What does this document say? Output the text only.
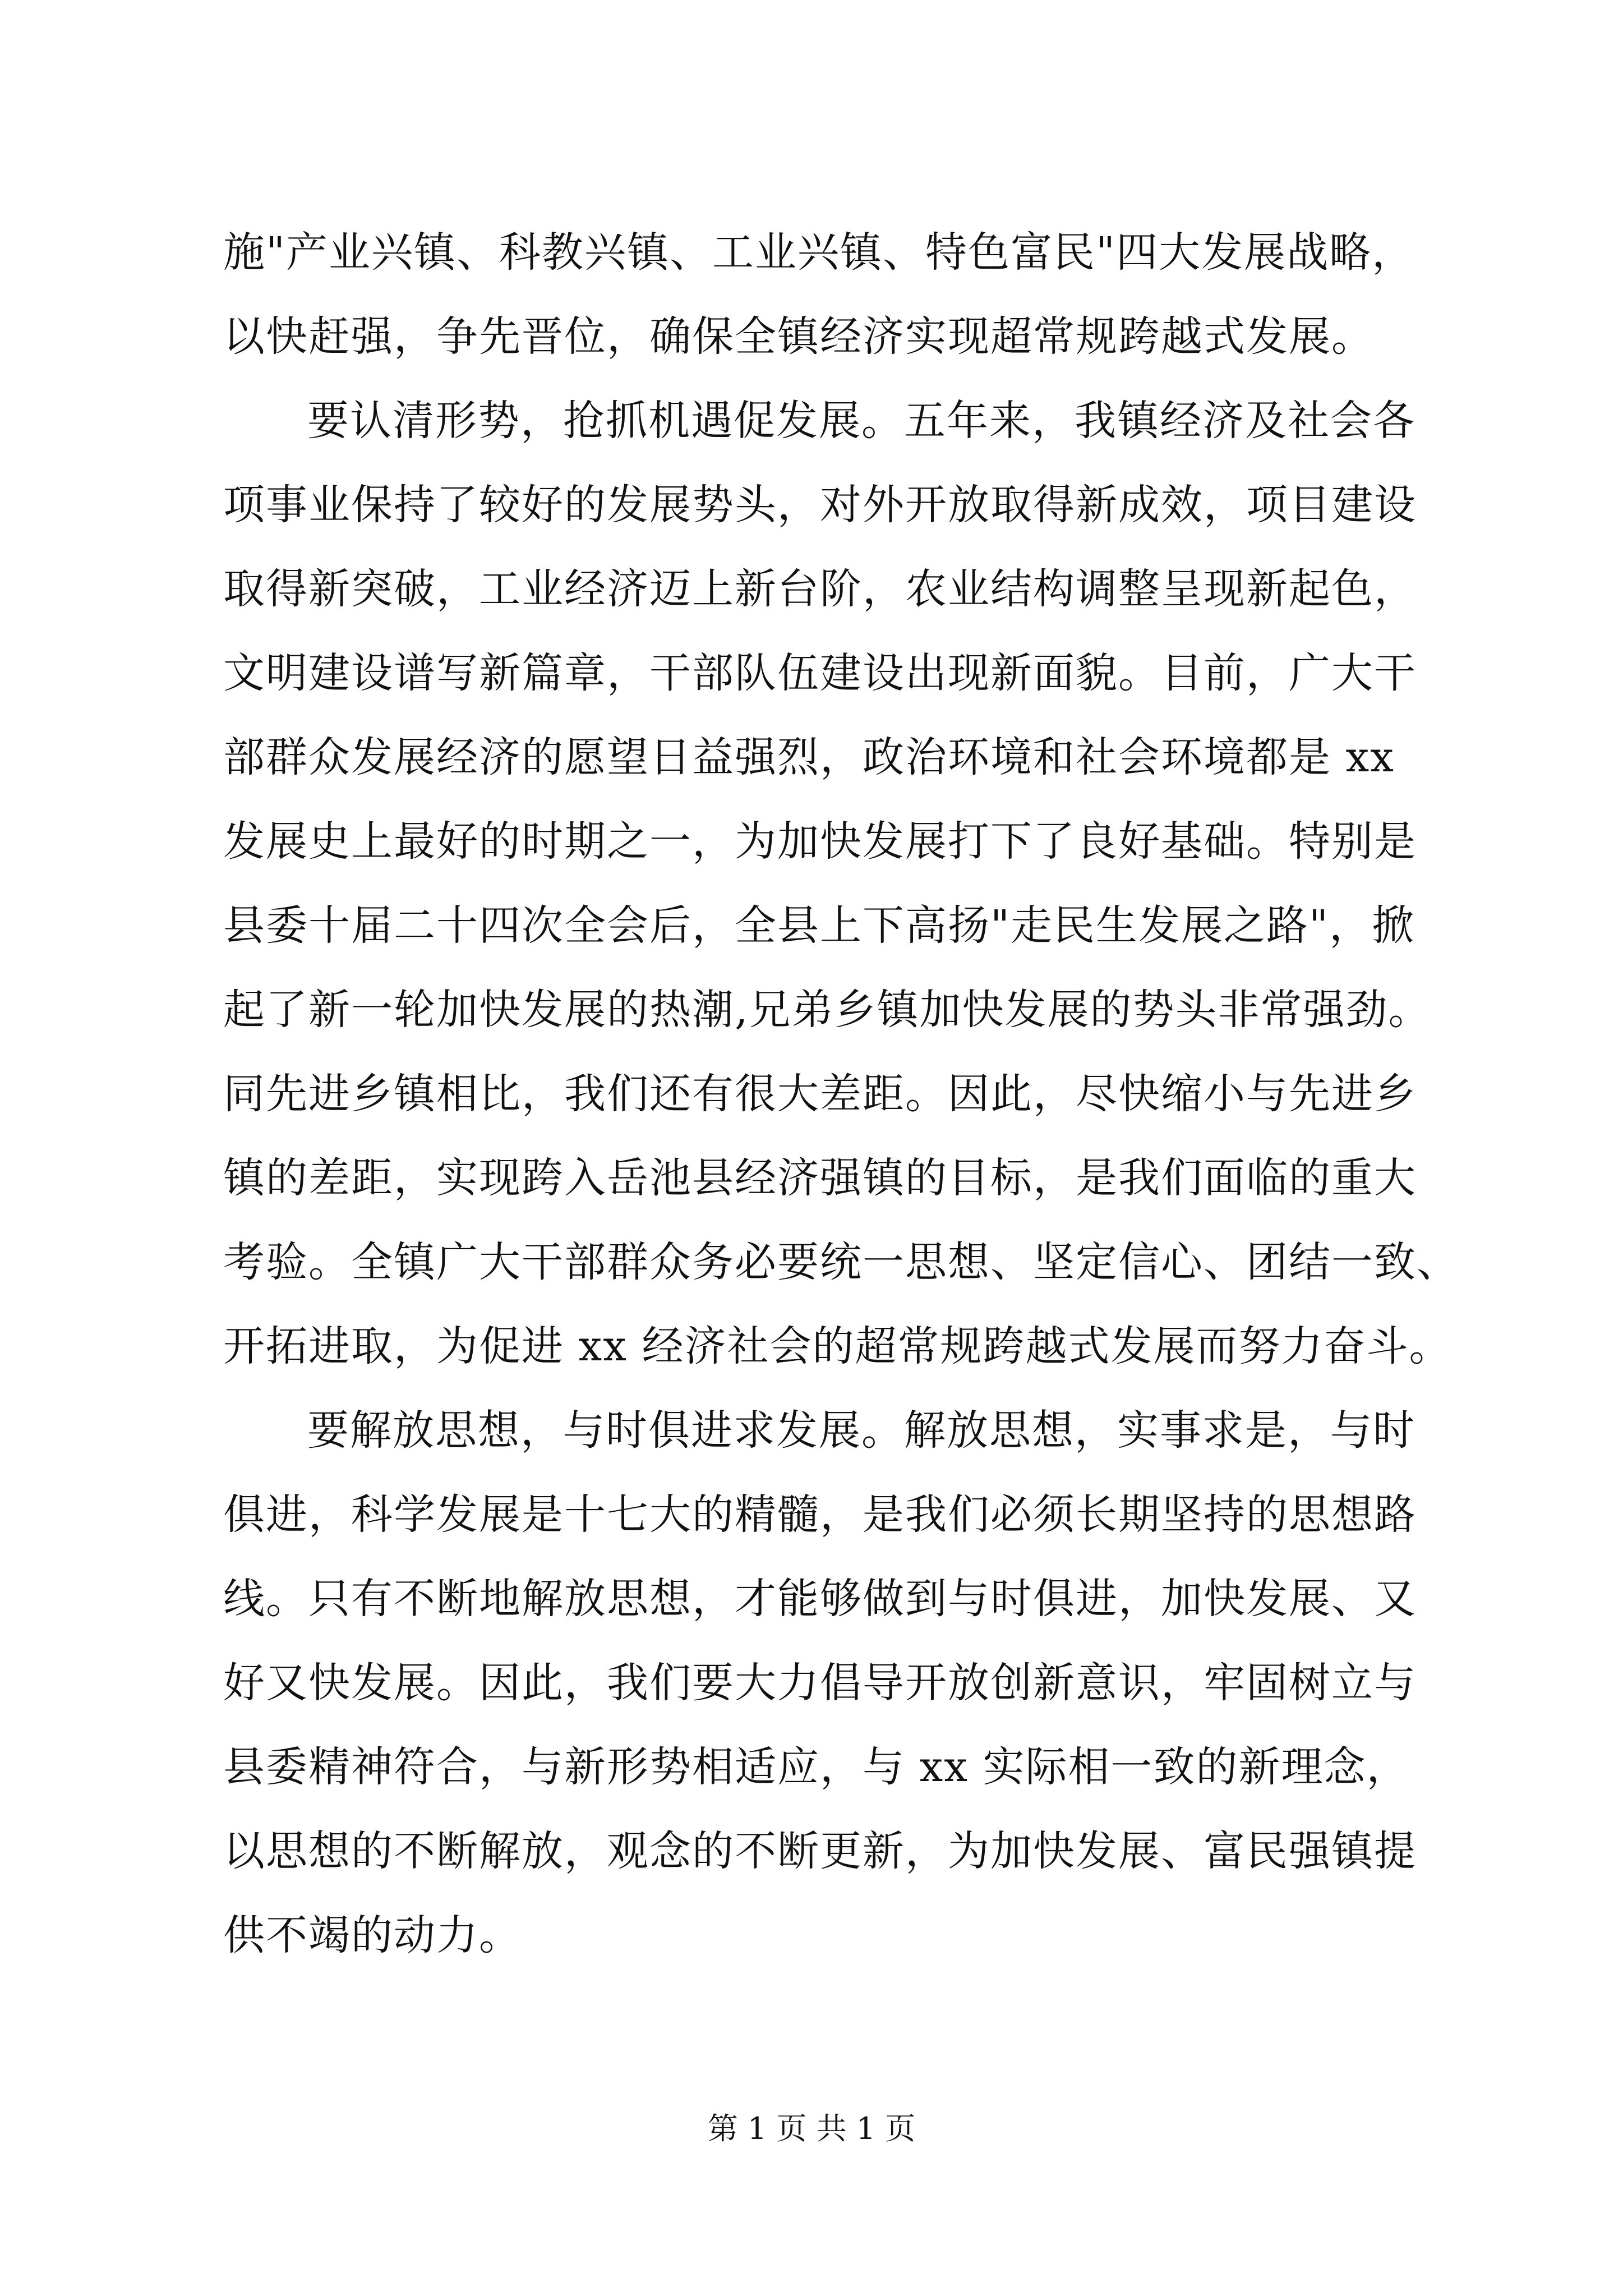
施"产业兴镇、科教兴镇、工业兴镇、特色富民"四大发展战略，
以快赶强，争先晋位，确保全镇经济实现超常规跨越式发展。

要认清形势，抢抓机遇促发展。五年来，我镇经济及社会各
项事业保持了较好的发展势头，对外开放取得新成效，项目建设
取得新突破，工业经济迈上新台阶，农业结构调整呈现新起色，
文明建设谱写新篇章，干部队伍建设出现新面貌。目前，广大干
部群众发展经济的愿望日益强烈，政治环境和社会环境都是 xx
发展史上最好的时期之一，为加快发展打下了良好基础。特别是
县委十届二十四次全会后，全县上下高扬"走民生发展之路"，掀
起了新一轮加快发展的热潮,兄弟乡镇加快发展的势头非常强劲。
同先进乡镇相比，我们还有很大差距。因此，尽快缩小与先进乡
镇的差距，实现跨入岳池县经济强镇的目标，是我们面临的重大
考验。全镇广大干部群众务必要统一思想、坚定信心、团结一致、
开拓进取，为促进 xx 经济社会的超常规跨越式发展而努力奋斗。

要解放思想，与时俱进求发展。解放思想，实事求是，与时
俱进，科学发展是十七大的精髓，是我们必须长期坚持的思想路
线。只有不断地解放思想，才能够做到与时俱进，加快发展、又
好又快发展。因此，我们要大力倡导开放创新意识，牢固树立与
县委精神符合，与新形势相适应，与 xx 实际相一致的新理念，
以思想的不断解放，观念的不断更新，为加快发展、富民强镇提
供不竭的动力。

第 1 页 共 1 页
